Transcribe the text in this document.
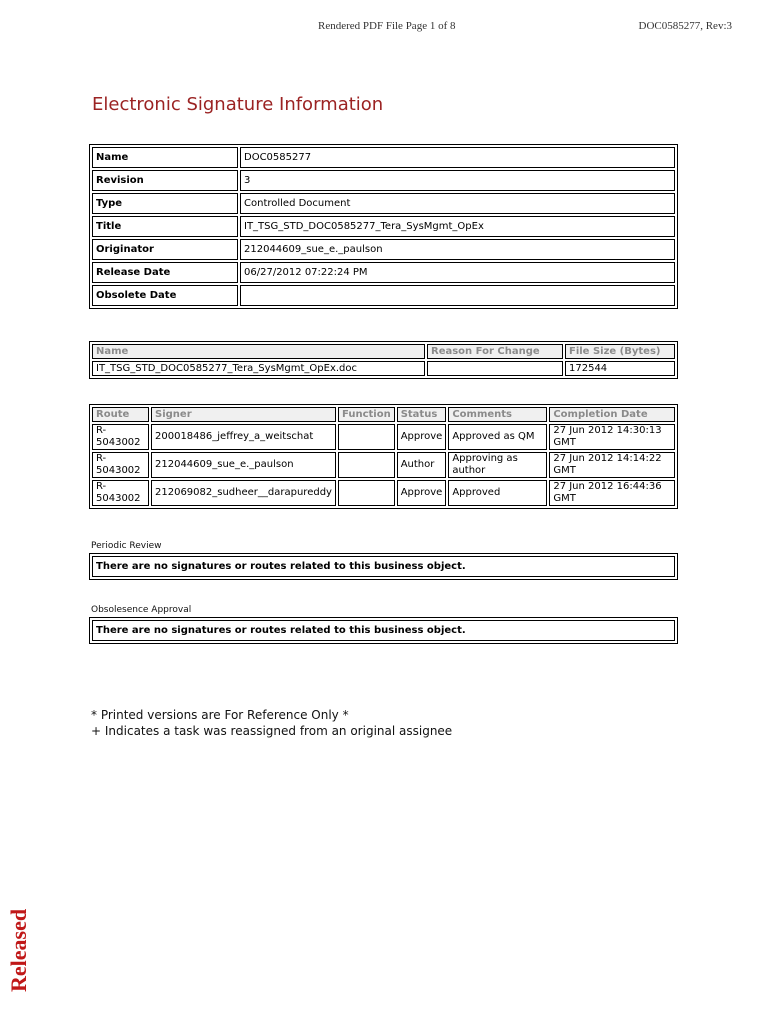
Rendered PDF File Page 1 of 8	DOC0585277, Rev:3
Electronic Signature Information
Name	DOC0585277
Revision	3
Type	Controlled Document
Title	IT_TSG_STD_DOC0585277_Tera_SysMgmt_OpEx
Originator	212044609_sue_e._paulson
Release Date	06/27/2012 07:22:24 PM
Obsolete Date	
Name	Reason For Change	File Size (Bytes)
IT_TSG_STD_DOC0585277_Tera_SysMgmt_OpEx.doc		172544
Route	Signer	Function	Status	Comments	Completion Date
R-5043002	200018486_jeffrey_a_weitschat		Approve	Approved as QM	27 Jun 2012 14:30:13 GMT
R-5043002	212044609_sue_e._paulson		Author	Approving as author	27 Jun 2012 14:14:22 GMT
R-5043002	212069082_sudheer__darapureddy		Approve	Approved	27 Jun 2012 16:44:36 GMT
Periodic Review
There are no signatures or routes related to this business object.
Obsolesence Approval
There are no signatures or routes related to this business object.
* Printed versions are For Reference Only *
+ Indicates a task was reassigned from an original assignee
Released
